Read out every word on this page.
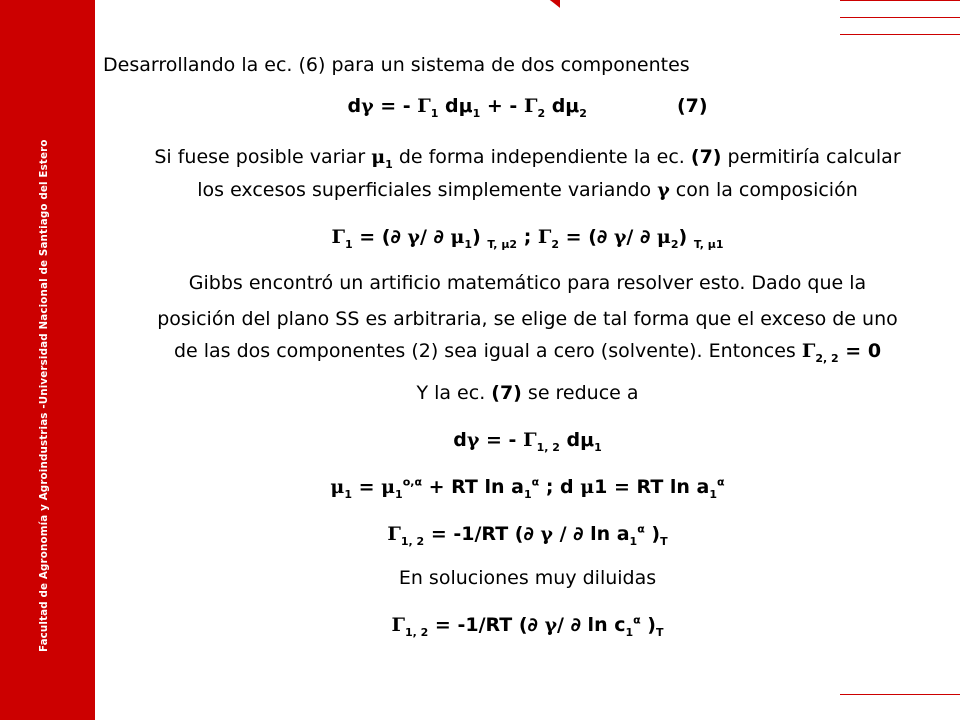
Facultad de Agronomía y Agroindustrias -Universidad Nacional de Santiago del Estero
Desarrollando la ec. (6) para un sistema de dos componentes
dγ = - $\Gamma_1$ $d\mu_1$ + - $\Gamma_2$ $d\mu_2$	(7)
Si fuese posible variar $\mu_1$ de forma independiente la ec. (7) permitiría calcular
los excesos superficiales simplemente variando γ con la composición
$\Gamma_1$ = (∂ γ/ ∂ $\mu_1$) $_{T, \mu 2}$ ; $\Gamma_2$ = (∂ γ/ ∂ $\mu_2$) $_{T, \mu 1}$
Gibbs encontró un artificio matemático para resolver esto. Dado que la
posición del plano SS es arbitraria, se elige de tal forma que el exceso de uno
de las dos componentes (2) sea igual a cero (solvente). Entonces $\Gamma_{2, 2} = 0$
Y la ec. (7) se reduce a
dγ = - $\Gamma_{1, 2}$ $d\mu_1$
$\mu_1 = \mu_1^{o,\alpha}$ + RT $\ln a_1^\alpha$ ; d μ1 = RT $\ln a_1^\alpha$
$\Gamma_{1, 2} = -1/RT$ (∂ γ / ∂ $\ln a_1^\alpha$ )$_T$
En soluciones muy diluidas
$\Gamma_{1, 2} = -1/RT$ (∂ γ/ ∂ $\ln c_1^\alpha$ )$_T$
